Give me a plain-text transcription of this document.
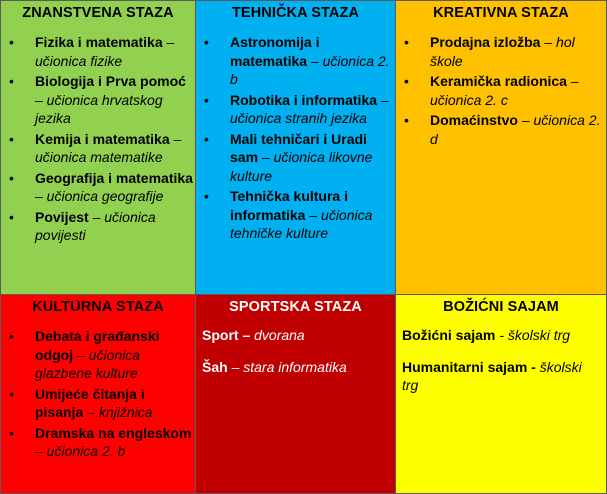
ZNANSTVENA STAZA
• Fizika i matematika – učionica fizike
• Biologija i Prva pomoć – učionica hrvatskog jezika
• Kemija i matematika – učionica matematike
• Geografija i matematika – učionica geografije
• Povijest – učionica povijesti
TEHNIČKA STAZA
• Astronomija i matematika – učionica 2. b
• Robotika i informatika – učionica stranih jezika
• Mali tehničari i Uradi sam – učionica likovne kulture
• Tehnička kultura i informatika – učionica tehničke kulture
KREATIVNA STAZA
• Prodajna izložba – hol škole
• Keramička radionica – učionica 2. c
• Domaćinstvo – učionica 2. d
KULTURNA STAZA
• Debata i građanski odgoj – učionica glazbene kulture
• Umijeće čitanja i pisanja – knjižnica
• Dramska na engleskom – učionica 2. b
SPORTSKA STAZA

Sport – dvorana

Šah – stara informatika

BOŽIĆNI SAJAM

Božićni sajam - školski trg

Humanitarni sajam - školski trg
